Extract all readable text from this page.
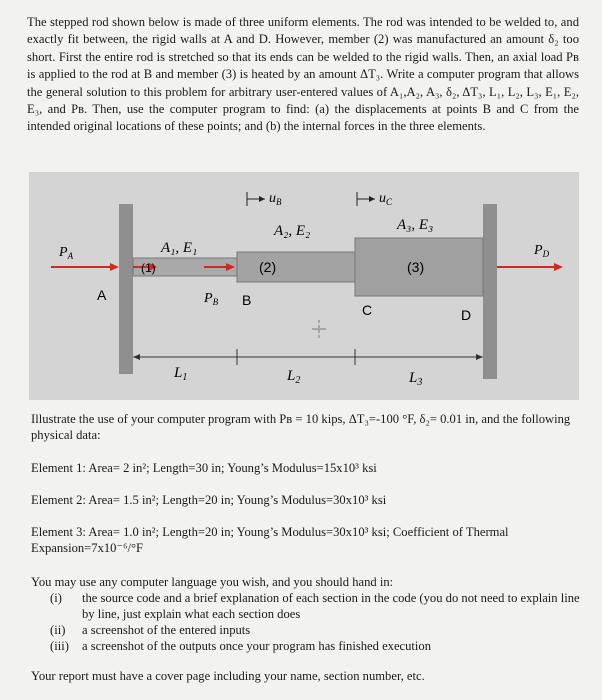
The stepped rod shown below is made of three uniform elements. The rod was intended to be welded to, and exactly fit between, the rigid walls at A and D. However, member (2) was manufactured an amount δ₂ too short. First the entire rod is stretched so that its ends can be welded to the rigid walls. Then, an axial load Pʙ is applied to the rod at B and member (3) is heated by an amount ΔT₃. Write a computer program that allows the general solution to this problem for arbitrary user-entered values of A₁,A₂, A₃, δ₂, ΔT₃, L₁, L₂, L₃, E₁, E₂, E₃, and Pʙ. Then, use the computer program to find: (a) the displacements at points B and C from the intended original locations of these points; and (b) the internal forces in the three elements.
$u_B$	$u_C$
A₂, E₂	A₃, E₃
A₁, E₁
$P_A$	$P_D$
(1)	(2)	(3)
A	$P_B$ B
C	D
$L_1$	$L_2$	$L_3$
Illustrate the use of your computer program with Pʙ = 10 kips, ΔT₃=-100 °F, δ₂= 0.01 in, and the following physical data:
Element 1: Area= 2 in²; Length=30 in; Young’s Modulus=15x10³ ksi
Element 2: Area= 1.5 in²; Length=20 in; Young’s Modulus=30x10³ ksi
Element 3: Area= 1.0 in²; Length=20 in; Young’s Modulus=30x10³ ksi; Coefficient of Thermal Expansion=7x10⁻⁶/°F
You may use any computer language you wish, and you should hand in:
(i)	the source code and a brief explanation of each section in the code (you do not need to explain line by line, just explain what each section does
(ii)	a screenshot of the entered inputs
(iii)	a screenshot of the outputs once your program has finished execution
Your report must have a cover page including your name, section number, etc.
